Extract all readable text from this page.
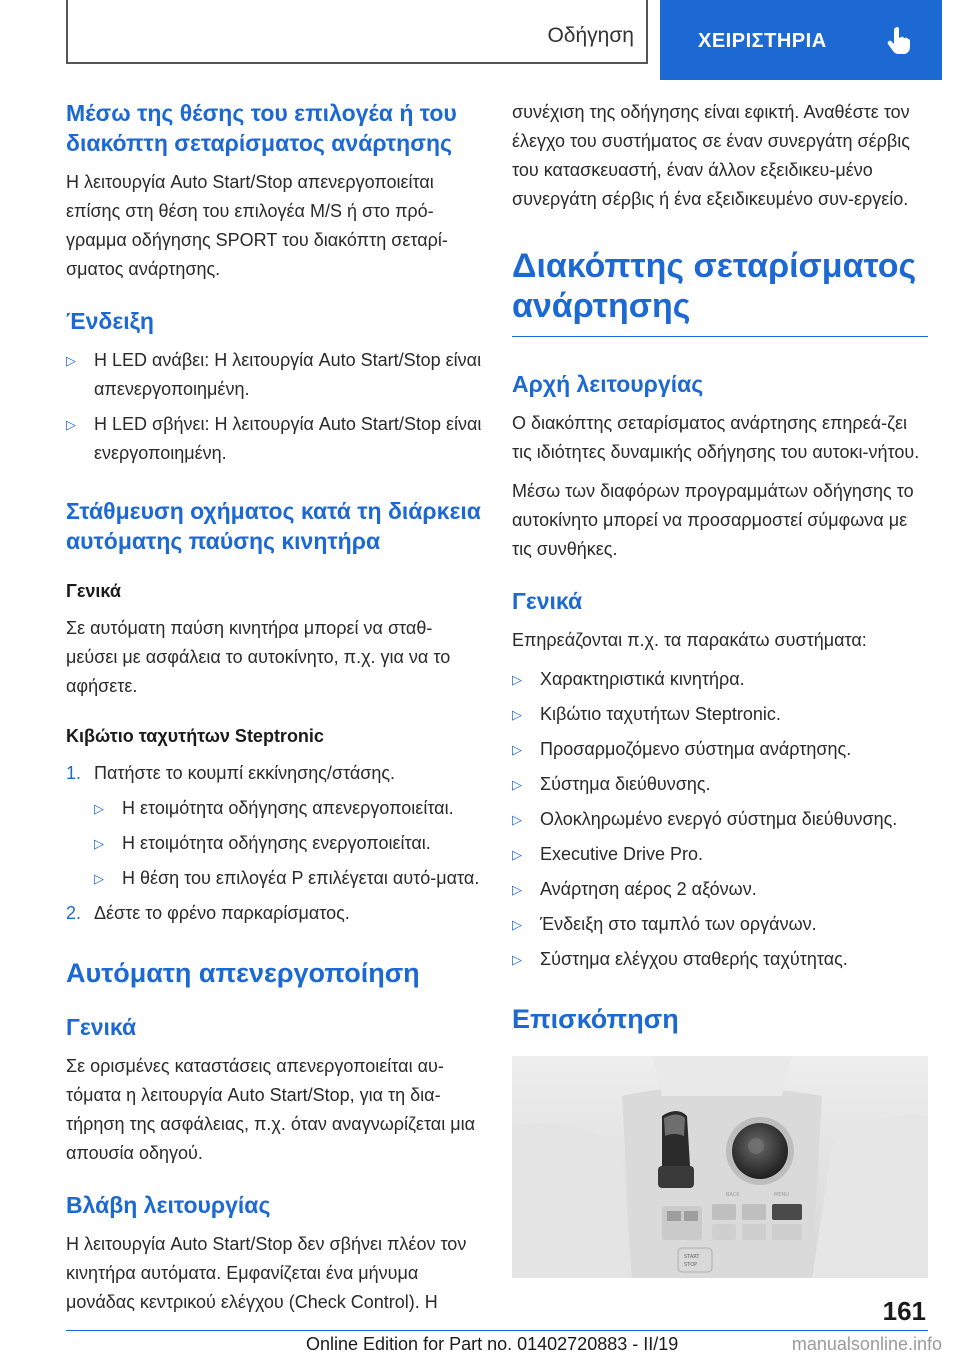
Οδήγηση	ΧΕΙΡΙΣΤΗΡΙΑ
Μέσω της θέσης του επιλογέα ή του διακόπτη σεταρίσματος ανάρτησης

Η λειτουργία Auto Start/Stop απενεργοποιείται επίσης στη θέση του επιλογέα M/S ή στο πρό‐γραμμα οδήγησης SPORT του διακόπτη σεταρί‐σματος ανάρτησης.

Ένδειξη
▷ Η LED ανάβει: Η λειτουργία Auto Start/Stop είναι απενεργοποιημένη.
▷ Η LED σβήνει: Η λειτουργία Auto Start/Stop είναι ενεργοποιημένη.
Στάθμευση οχήματος κατά τη διάρκεια αυτόματης παύσης κινητήρα
Γενικά

Σε αυτόματη παύση κινητήρα μπορεί να σταθ‐μεύσει με ασφάλεια το αυτοκίνητο, π.χ. για να το αφήσετε.

Κιβώτιο ταχυτήτων Steptronic
1. Πατήστε το κουμπί εκκίνησης/στάσης.
▷ Η ετοιμότητα οδήγησης απενεργοποιείται.
▷ Η ετοιμότητα οδήγησης ενεργοποιείται.
▷ Η θέση του επιλογέα P επιλέγεται αυτό‐ματα.
2. Δέστε το φρένο παρκαρίσματος.
Αυτόματη απενεργοποίηση
Γενικά

Σε ορισμένες καταστάσεις απενεργοποιείται αυ‐τόματα η λειτουργία Auto Start/Stop, για τη δια‐τήρηση της ασφάλειας, π.χ. όταν αναγνωρίζεται μια απουσία οδηγού.

Βλάβη λειτουργίας

Η λειτουργία Auto Start/Stop δεν σβήνει πλέον τον κινητήρα αυτόματα. Εμφανίζεται ένα μήνυμα μονάδας κεντρικού ελέγχου (Check Control). Η

συνέχιση της οδήγησης είναι εφικτή. Αναθέστε τον έλεγχο του συστήματος σε έναν συνεργάτη σέρβις του κατασκευαστή, έναν άλλον εξειδικευ‐μένο συνεργάτη σέρβις ή ένα εξειδικευμένο συν‐εργείο.

Διακόπτης σεταρίσματος ανάρτησης
Αρχή λειτουργίας

Ο διακόπτης σεταρίσματος ανάρτησης επηρεά‐ζει τις ιδιότητες δυναμικής οδήγησης του αυτοκι‐νήτου.

Μέσω των διαφόρων προγραμμάτων οδήγησης το αυτοκίνητο μπορεί να προσαρμοστεί σύμφωνα με τις συνθήκες.

Γενικά

Επηρεάζονται π.χ. τα παρακάτω συστήματα:

▷ Χαρακτηριστικά κινητήρα.
▷ Κιβώτιο ταχυτήτων Steptronic.
▷ Προσαρμοζόμενο σύστημα ανάρτησης.
▷ Σύστημα διεύθυνσης.
▷ Ολοκληρωμένο ενεργό σύστημα διεύθυνσης.
▷ Executive Drive Pro.
▷ Ανάρτηση αέρος 2 αξόνων.
▷ Ένδειξη στο ταμπλό των οργάνων.
▷ Σύστημα ελέγχου σταθερής ταχύτητας.
Επισκόπηση
BACK	MENU
START
STOP
161
Online Edition for Part no. 01402720883 - II/19	manualsonline.info
